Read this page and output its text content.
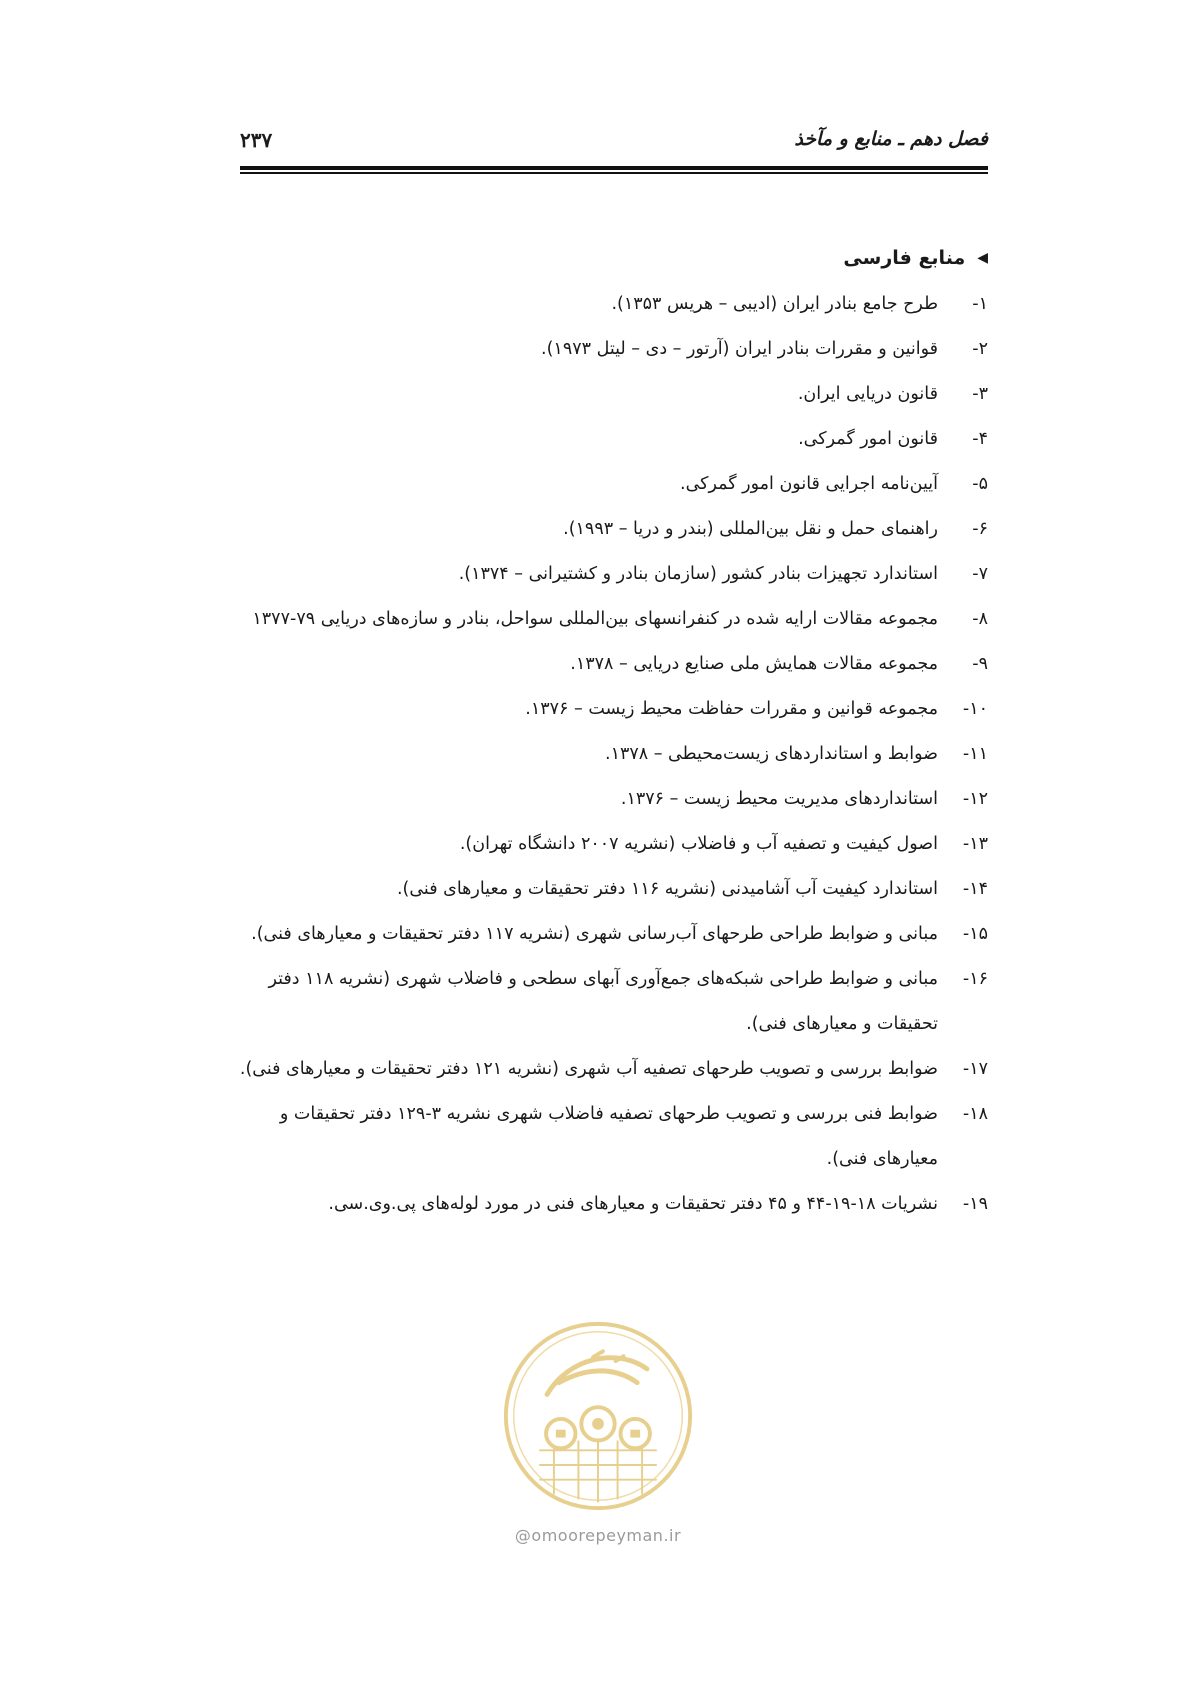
فصل دهم ـ منابع و مآخذ
۲۳۷
◀
منابع فارسی
۱-
طرح جامع بنادر ایران (ادیبی – هریس ۱۳۵۳).
۲-
قوانین و مقررات بنادر ایران (آرتور – دی – لیتل ۱۹۷۳).
۳-
قانون دریایی ایران.
۴-
قانون امور گمرکی.
۵-
آیین‌نامه اجرایی قانون امور گمرکی.
۶-
راهنمای حمل و نقل بین‌المللی (بندر و دریا – ۱۹۹۳).
۷-
استاندارد تجهیزات بنادر کشور (سازمان بنادر و کشتیرانی – ۱۳۷۴).
۸-
مجموعه مقالات ارایه شده در کنفرانسهای بین‌المللی سواحل، بنادر و سازه‌های دریایی ۷۹-۱۳۷۷
۹-
مجموعه مقالات همایش ملی صنایع دریایی – ۱۳۷۸.
۱۰-
مجموعه قوانین و مقررات حفاظت محیط زیست – ۱۳۷۶.
۱۱-
ضوابط و استانداردهای زیست‌محیطی – ۱۳۷۸.
۱۲-
استانداردهای مدیریت محیط زیست – ۱۳۷۶.
۱۳-
اصول کیفیت و تصفیه آب و فاضلاب (نشریه ۲۰۰۷ دانشگاه تهران).
۱۴-
استاندارد کیفیت آب آشامیدنی (نشریه ۱۱۶ دفتر تحقیقات و معیارهای فنی).
۱۵-
مبانی و ضوابط طراحی طرحهای آب‌رسانی شهری (نشریه ۱۱۷ دفتر تحقیقات و معیارهای فنی).
۱۶-
مبانی و ضوابط طراحی شبکه‌های جمع‌آوری آبهای سطحی و فاضلاب شهری (نشریه ۱۱۸ دفتر تحقیقات و معیارهای فنی).
۱۷-
ضوابط بررسی و تصویب طرحهای تصفیه آب شهری (نشریه ۱۲۱ دفتر تحقیقات و معیارهای فنی).
۱۸-
ضوابط فنی بررسی و تصویب طرحهای تصفیه فاضلاب شهری نشریه ۳-۱۲۹ دفتر تحقیقات و معیارهای فنی).
۱۹-
نشریات ۱۸-۱۹-۴۴ و ۴۵ دفتر تحقیقات و معیارهای فنی در مورد لوله‌های پی.وی.سی.
@omoorepeyman.ir
